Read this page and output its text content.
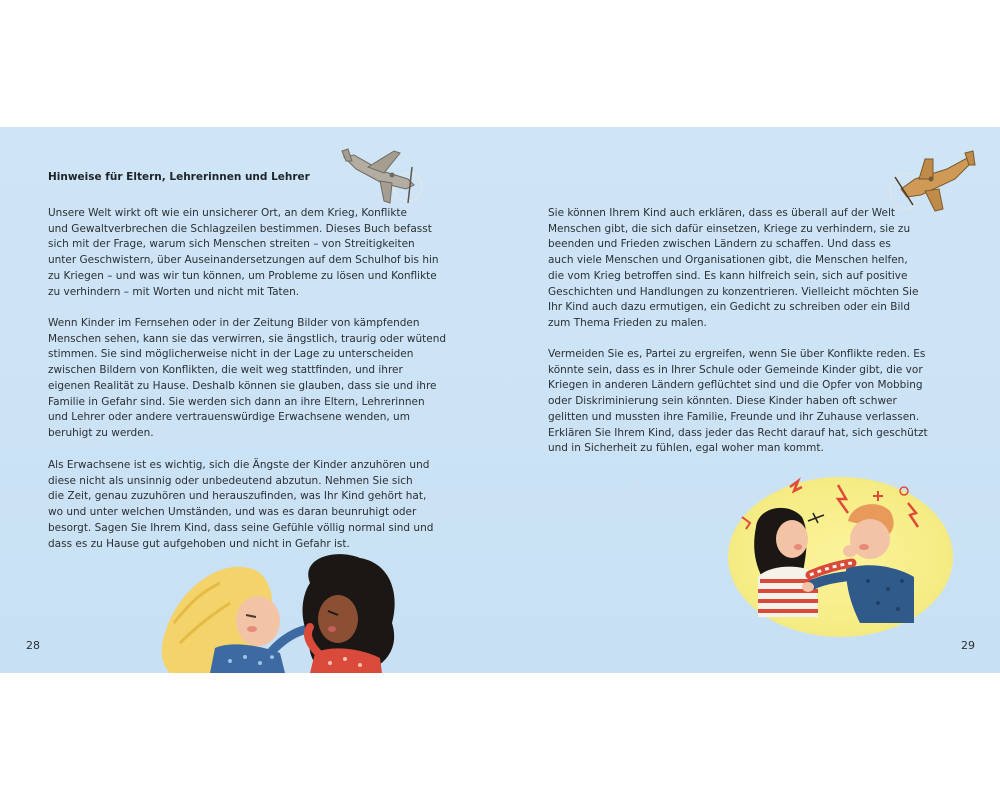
Hinweise für Eltern, Lehrerinnen und Lehrer

Unsere Welt wirkt oft wie ein unsicherer Ort, an dem Krieg, Konflikte
und Gewaltverbrechen die Schlagzeilen bestimmen. Dieses Buch befasst
sich mit der Frage, warum sich Menschen streiten – von Streitigkeiten
unter Geschwistern, über Auseinandersetzungen auf dem Schulhof bis hin
zu Kriegen – und was wir tun können, um Probleme zu lösen und Konflikte
zu verhindern – mit Worten und nicht mit Taten.

Wenn Kinder im Fernsehen oder in der Zeitung Bilder von kämpfenden
Menschen sehen, kann sie das verwirren, sie ängstlich, traurig oder wütend
stimmen. Sie sind möglicherweise nicht in der Lage zu unterscheiden
zwischen Bildern von Konflikten, die weit weg stattfinden, und ihrer
eigenen Realität zu Hause. Deshalb können sie glauben, dass sie und ihre
Familie in Gefahr sind. Sie werden sich dann an ihre Eltern, Lehrerinnen
und Lehrer oder andere vertrauenswürdige Erwachsene wenden, um
beruhigt zu werden.

Als Erwachsene ist es wichtig, sich die Ängste der Kinder anzuhören und
diese nicht als unsinnig oder unbedeutend abzutun. Nehmen Sie sich
die Zeit, genau zuzuhören und herauszufinden, was Ihr Kind gehört hat,
wo und unter welchen Umständen, und was es daran beunruhigt oder
besorgt. Sagen Sie Ihrem Kind, dass seine Gefühle völlig normal sind und
dass es zu Hause gut aufgehoben und nicht in Gefahr ist.

28

Sie können Ihrem Kind auch erklären, dass es überall auf der Welt
Menschen gibt, die sich dafür einsetzen, Kriege zu verhindern, sie zu
beenden und Frieden zwischen Ländern zu schaffen. Und dass es
auch viele Menschen und Organisationen gibt, die Menschen helfen,
die vom Krieg betroffen sind. Es kann hilfreich sein, sich auf positive
Geschichten und Handlungen zu konzentrieren. Vielleicht möchten Sie
Ihr Kind auch dazu ermutigen, ein Gedicht zu schreiben oder ein Bild
zum Thema Frieden zu malen.

Vermeiden Sie es, Partei zu ergreifen, wenn Sie über Konflikte reden. Es
könnte sein, dass es in Ihrer Schule oder Gemeinde Kinder gibt, die vor
Kriegen in anderen Ländern geflüchtet sind und die Opfer von Mobbing
oder Diskriminierung sein könnten. Diese Kinder haben oft schwer
gelitten und mussten ihre Familie, Freunde und ihr Zuhause verlassen.
Erklären Sie Ihrem Kind, dass jeder das Recht darauf hat, sich geschützt
und in Sicherheit zu fühlen, egal woher man kommt.

29
